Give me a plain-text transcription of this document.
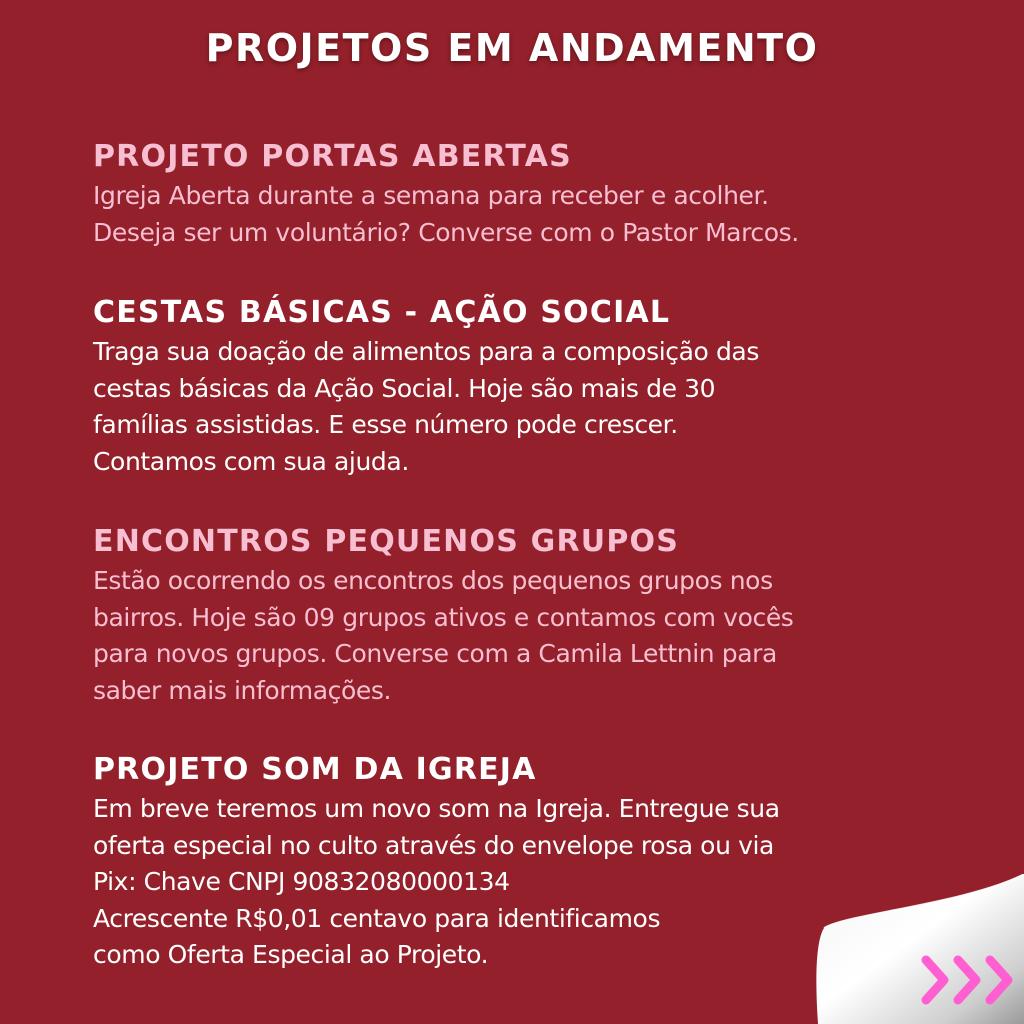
PROJETOS EM ANDAMENTO
PROJETO PORTAS ABERTAS
Igreja Aberta durante a semana para receber e acolher.
Deseja ser um voluntário? Converse com o Pastor Marcos.
CESTAS BÁSICAS - AÇÃO SOCIAL
Traga sua doação de alimentos para a composição das
cestas básicas da Ação Social. Hoje são mais de 30
famílias assistidas. E esse número pode crescer.
Contamos com sua ajuda.
ENCONTROS PEQUENOS GRUPOS
Estão ocorrendo os encontros dos pequenos grupos nos
bairros. Hoje são 09 grupos ativos e contamos com vocês
para novos grupos. Converse com a Camila Lettnin para
saber mais informações.
PROJETO SOM DA IGREJA
Em breve teremos um novo som na Igreja. Entregue sua
oferta especial no culto através do envelope rosa ou via
Pix: Chave CNPJ 90832080000134
Acrescente R$0,01 centavo para identificamos
como Oferta Especial ao Projeto.
